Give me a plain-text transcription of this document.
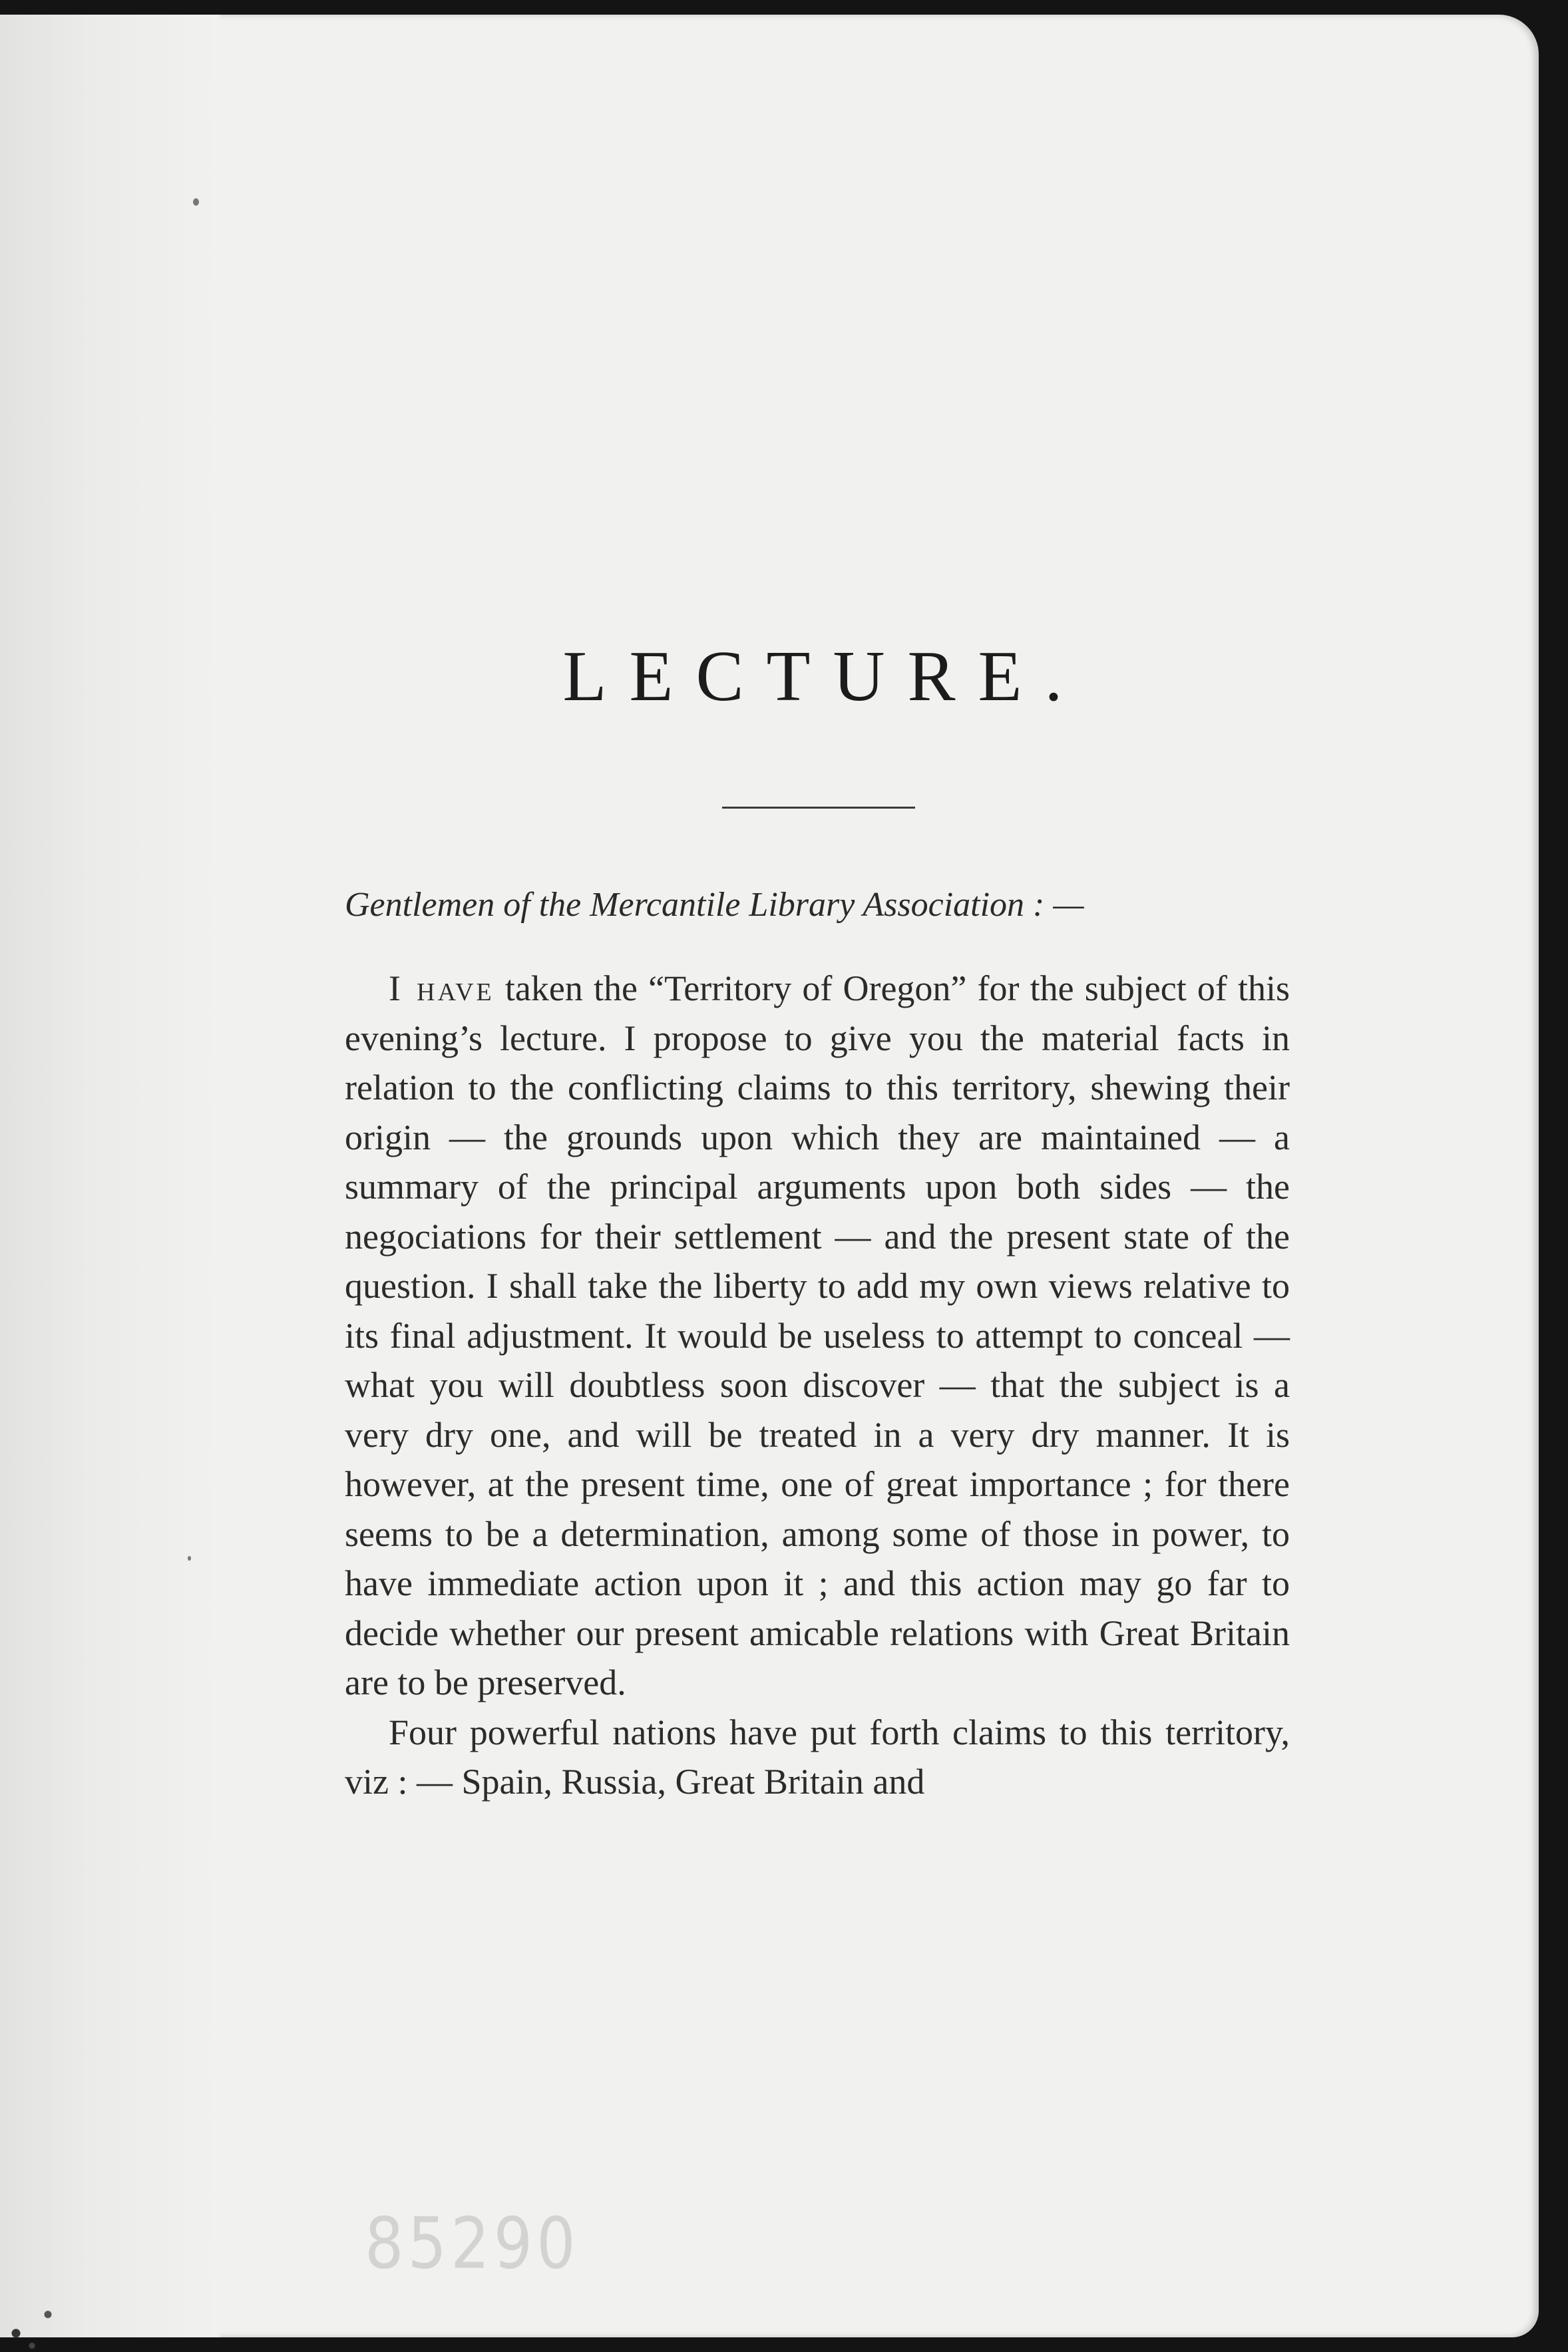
LECTURE.

Gentlemen of the Mercantile Library Association : —

I have taken the “Territory of Oregon” for the subject of this evening’s lecture. I propose to give you the material facts in relation to the conflicting claims to this territory, shewing their origin — the grounds upon which they are maintained — a summary of the principal arguments upon both sides — the negociations for their settlement — and the present state of the question. I shall take the liberty to add my own views relative to its final adjustment. It would be useless to attempt to conceal — what you will doubtless soon discover — that the subject is a very dry one, and will be treated in a very dry manner. It is however, at the present time, one of great importance ; for there seems to be a determination, among some of those in power, to have immediate action upon it ; and this action may go far to decide whether our present amicable relations with Great Britain are to be preserved.

Four powerful nations have put forth claims to this territory, viz : — Spain, Russia, Great Britain and

85290
